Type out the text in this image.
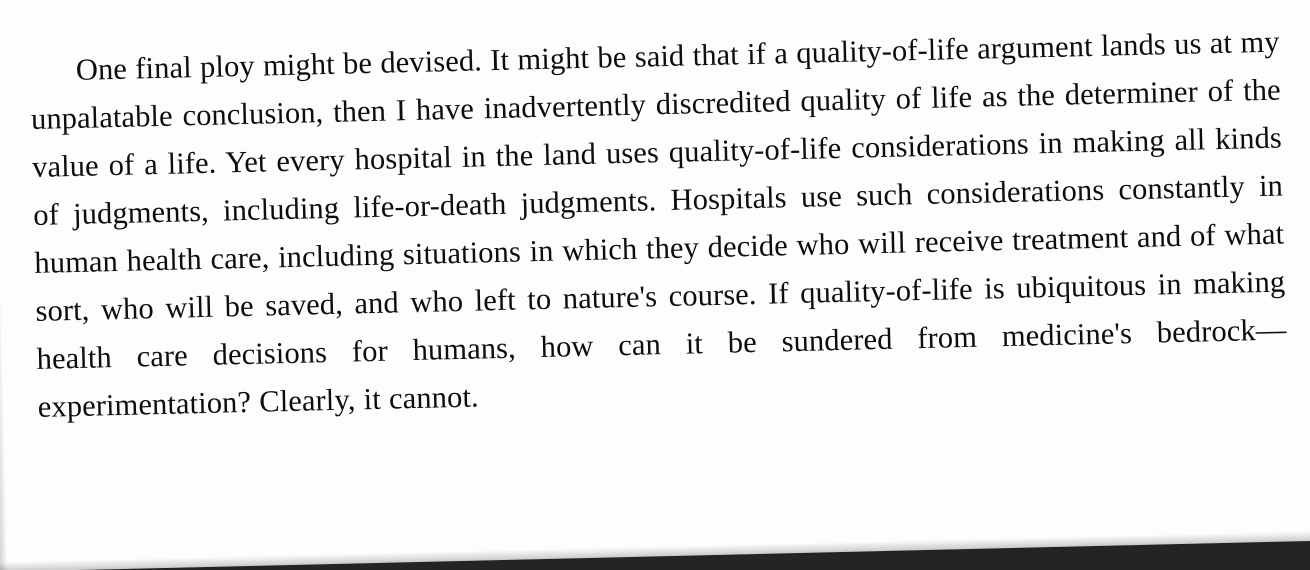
One final ploy might be devised. It might be said that if a quality-of-life argument lands us at my unpalatable conclusion, then I have inadvertently discredited quality of life as the determiner of the value of a life. Yet every hospital in the land uses quality-of-life considerations in making all kinds of judgments, including life-or-death judgments. Hospitals use such considerations constantly in human health care, including situations in which they decide who will receive treatment and of what sort, who will be saved, and who left to nature's course. If quality-of-life is ubiquitous in making health care decisions for humans, how can it be sundered from medicine's bedrock—experimentation? Clearly, it cannot.
